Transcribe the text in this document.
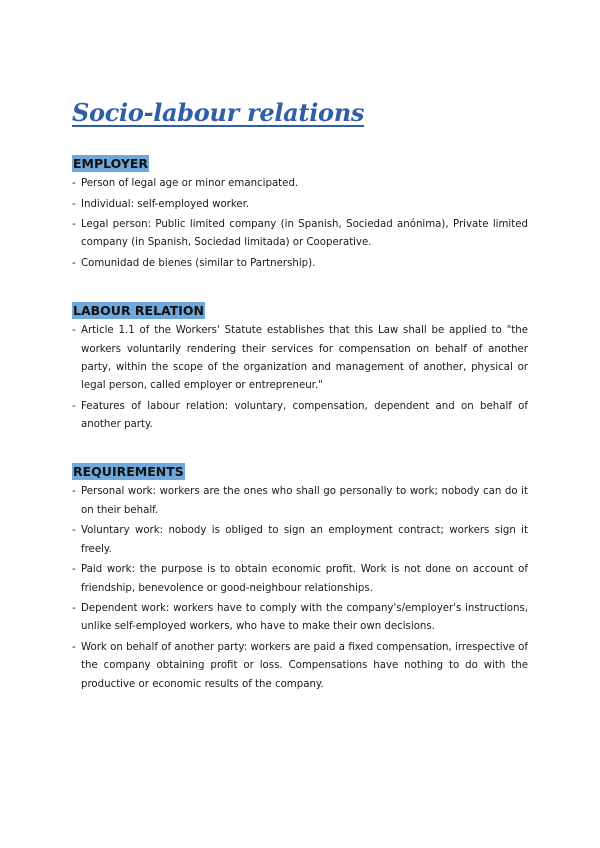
Socio-labour relations
EMPLOYER
- Person of legal age or minor emancipated.
- Individual: self-employed worker.
- Legal person: Public limited company (in Spanish, Sociedad anónima), Private limited company (in Spanish, Sociedad limitada) or Cooperative.
- Comunidad de bienes (similar to Partnership).
LABOUR RELATION
- Article 1.1 of the Workers' Statute establishes that this Law shall be applied to "the workers voluntarily rendering their services for compensation on behalf of another party, within the scope of the organization and management of another, physical or legal person, called employer or entrepreneur."
- Features of labour relation: voluntary, compensation, dependent and on behalf of another party.
REQUIREMENTS
- Personal work: workers are the ones who shall go personally to work; nobody can do it on their behalf.
- Voluntary work: nobody is obliged to sign an employment contract; workers sign it freely.
- Paid work: the purpose is to obtain economic profit. Work is not done on account of friendship, benevolence or good-neighbour relationships.
- Dependent work: workers have to comply with the company's/employer's instructions, unlike self-employed workers, who have to make their own decisions.
- Work on behalf of another party: workers are paid a fixed compensation, irrespective of the company obtaining profit or loss. Compensations have nothing to do with the productive or economic results of the company.
